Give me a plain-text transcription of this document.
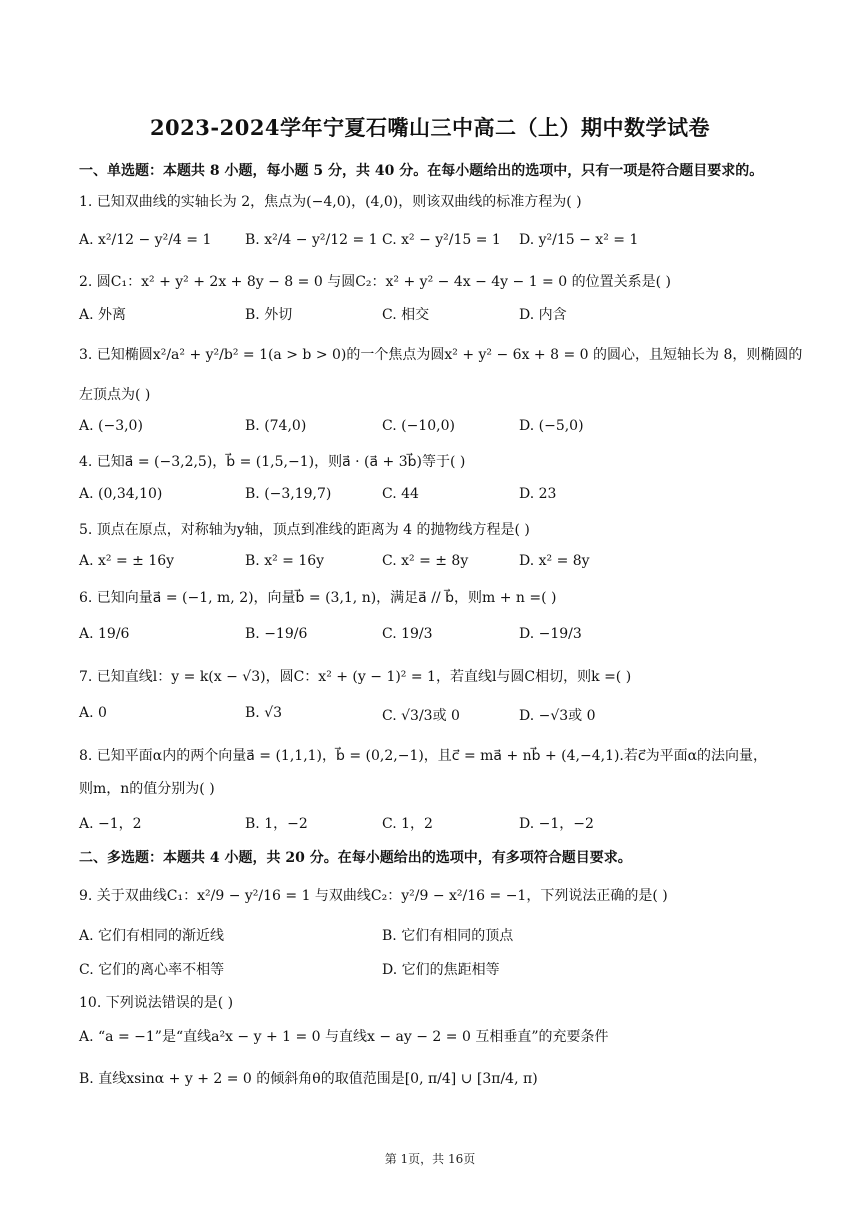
2023-2024学年宁夏石嘴山三中高二（上）期中数学试卷
一、单选题：本题共 8 小题，每小题 5 分，共 40 分。在每小题给出的选项中，只有一项是符合题目要求的。
1. 已知双曲线的实轴长为 2，焦点为(−4,0)，(4,0)，则该双曲线的标准方程为( )
A. x²/12 − y²/4 = 1 B. x²/4 − y²/12 = 1 C. x² − y²/15 = 1 D. y²/15 − x² = 1
2. 圆C₁：x² + y² + 2x + 8y − 8 = 0 与圆C₂：x² + y² − 4x − 4y − 1 = 0 的位置关系是( )
A. 外离	B. 外切	C. 相交	D. 内含
3. 已知椭圆x²/a² + y²/b² = 1(a > b > 0)的一个焦点为圆x² + y² − 6x + 8 = 0 的圆心，且短轴长为 8，则椭圆的
左顶点为( )
A. (−3,0)	B. (74,0)	C. (−10,0)	D. (−5,0)
4. 已知a⃗ = (−3,2,5)，b⃗ = (1,5,−1)，则a⃗ · (a⃗ + 3b⃗)等于( )
A. (0,34,10)	B. (−3,19,7)	C. 44	D. 23
5. 顶点在原点，对称轴为y轴，顶点到准线的距离为 4 的抛物线方程是( )
A. x² = ± 16y	B. x² = 16y	C. x² = ± 8y	D. x² = 8y
6. 已知向量a⃗ = (−1, m, 2)，向量b⃗ = (3,1, n)，满足a⃗ // b⃗，则m + n =( )
A. 19/6	B. −19/6	C. 19/3	D. −19/3
7. 已知直线l：y = k(x − √3)，圆C：x² + (y − 1)² = 1，若直线l与圆C相切，则k =( )
A. 0	B. √3	C. √3/3或 0	D. −√3或 0
8. 已知平面α内的两个向量a⃗ = (1,1,1)，b⃗ = (0,2,−1)，且c⃗ = ma⃗ + nb⃗ + (4,−4,1).若c⃗为平面α的法向量，
则m，n的值分别为( )
A. −1，2	B. 1，−2	C. 1，2	D. −1，−2
二、多选题：本题共 4 小题，共 20 分。在每小题给出的选项中，有多项符合题目要求。
9. 关于双曲线C₁：x²/9 − y²/16 = 1 与双曲线C₂：y²/9 − x²/16 = −1，下列说法正确的是( )
A. 它们有相同的渐近线	B. 它们有相同的顶点
C. 它们的离心率不相等	D. 它们的焦距相等
10. 下列说法错误的是( )
A. “a = −1”是“直线a²x − y + 1 = 0 与直线x − ay − 2 = 0 互相垂直”的充要条件
B. 直线xsinα + y + 2 = 0 的倾斜角θ的取值范围是[0, π/4] ∪ [3π/4, π)
第 1页，共 16页
